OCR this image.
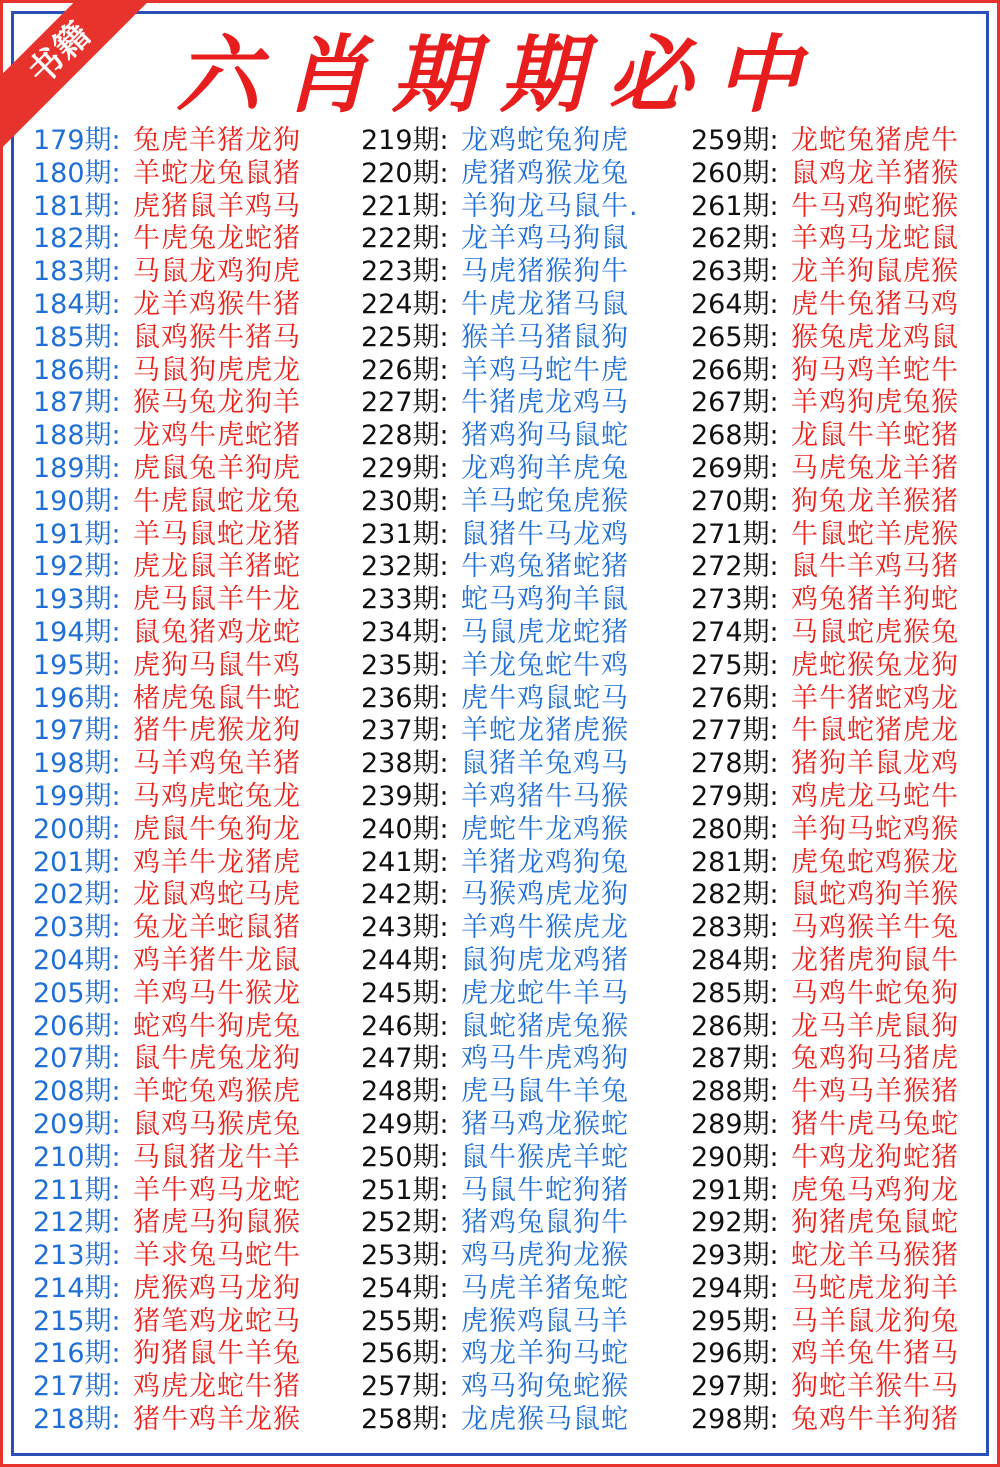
书籍 六肖期期必中
179期: 兔虎羊猪龙狗
180期: 羊蛇龙兔鼠猪
181期: 虎猪鼠羊鸡马
182期: 牛虎兔龙蛇猪
183期: 马鼠龙鸡狗虎
184期: 龙羊鸡猴牛猪
185期: 鼠鸡猴牛猪马
186期: 马鼠狗虎虎龙
187期: 猴马兔龙狗羊
188期: 龙鸡牛虎蛇猪
189期: 虎鼠兔羊狗虎
190期: 牛虎鼠蛇龙兔
191期: 羊马鼠蛇龙猪
192期: 虎龙鼠羊猪蛇
193期: 虎马鼠羊牛龙
194期: 鼠兔猪鸡龙蛇
195期: 虎狗马鼠牛鸡
196期: 楮虎兔鼠牛蛇
197期: 猪牛虎猴龙狗
198期: 马羊鸡兔羊猪
199期: 马鸡虎蛇兔龙
200期: 虎鼠牛兔狗龙
201期: 鸡羊牛龙猪虎
202期: 龙鼠鸡蛇马虎
203期: 兔龙羊蛇鼠猪
204期: 鸡羊猪牛龙鼠
205期: 羊鸡马牛猴龙
206期: 蛇鸡牛狗虎兔
207期: 鼠牛虎兔龙狗
208期: 羊蛇兔鸡猴虎
209期: 鼠鸡马猴虎兔
210期: 马鼠猪龙牛羊
211期: 羊牛鸡马龙蛇
212期: 猪虎马狗鼠猴
213期: 羊求兔马蛇牛
214期: 虎猴鸡马龙狗
215期: 猪笔鸡龙蛇马
216期: 狗猪鼠牛羊兔
217期: 鸡虎龙蛇牛猪
218期: 猪牛鸡羊龙猴
219期: 龙鸡蛇兔狗虎
220期: 虎猪鸡猴龙兔
221期: 羊狗龙马鼠牛.
222期: 龙羊鸡马狗鼠
223期: 马虎猪猴狗牛
224期: 牛虎龙猪马鼠
225期: 猴羊马猪鼠狗
226期: 羊鸡马蛇牛虎
227期: 牛猪虎龙鸡马
228期: 猪鸡狗马鼠蛇
229期: 龙鸡狗羊虎兔
230期: 羊马蛇兔虎猴
231期: 鼠猪牛马龙鸡
232期: 牛鸡兔猪蛇猪
233期: 蛇马鸡狗羊鼠
234期: 马鼠虎龙蛇猪
235期: 羊龙兔蛇牛鸡
236期: 虎牛鸡鼠蛇马
237期: 羊蛇龙猪虎猴
238期: 鼠猪羊兔鸡马
239期: 羊鸡猪牛马猴
240期: 虎蛇牛龙鸡猴
241期: 羊猪龙鸡狗兔
242期: 马猴鸡虎龙狗
243期: 羊鸡牛猴虎龙
244期: 鼠狗虎龙鸡猪
245期: 虎龙蛇牛羊马
246期: 鼠蛇猪虎兔猴
247期: 鸡马牛虎鸡狗
248期: 虎马鼠牛羊兔
249期: 猪马鸡龙猴蛇
250期: 鼠牛猴虎羊蛇
251期: 马鼠牛蛇狗猪
252期: 猪鸡兔鼠狗牛
253期: 鸡马虎狗龙猴
254期: 马虎羊猪兔蛇
255期: 虎猴鸡鼠马羊
256期: 鸡龙羊狗马蛇
257期: 鸡马狗兔蛇猴
258期: 龙虎猴马鼠蛇
259期: 龙蛇兔猪虎牛
260期: 鼠鸡龙羊猪猴
261期: 牛马鸡狗蛇猴
262期: 羊鸡马龙蛇鼠
263期: 龙羊狗鼠虎猴
264期: 虎牛兔猪马鸡
265期: 猴兔虎龙鸡鼠
266期: 狗马鸡羊蛇牛
267期: 羊鸡狗虎兔猴
268期: 龙鼠牛羊蛇猪
269期: 马虎兔龙羊猪
270期: 狗兔龙羊猴猪
271期: 牛鼠蛇羊虎猴
272期: 鼠牛羊鸡马猪
273期: 鸡兔猪羊狗蛇
274期: 马鼠蛇虎猴兔
275期: 虎蛇猴兔龙狗
276期: 羊牛猪蛇鸡龙
277期: 牛鼠蛇猪虎龙
278期: 猪狗羊鼠龙鸡
279期: 鸡虎龙马蛇牛
280期: 羊狗马蛇鸡猴
281期: 虎兔蛇鸡猴龙
282期: 鼠蛇鸡狗羊猴
283期: 马鸡猴羊牛兔
284期: 龙猪虎狗鼠牛
285期: 马鸡牛蛇兔狗
286期: 龙马羊虎鼠狗
287期: 兔鸡狗马猪虎
288期: 牛鸡马羊猴猪
289期: 猪牛虎马兔蛇
290期: 牛鸡龙狗蛇猪
291期: 虎兔马鸡狗龙
292期: 狗猪虎兔鼠蛇
293期: 蛇龙羊马猴猪
294期: 马蛇虎龙狗羊
295期: 马羊鼠龙狗兔
296期: 鸡羊兔牛猪马
297期: 狗蛇羊猴牛马
298期: 兔鸡牛羊狗猪
